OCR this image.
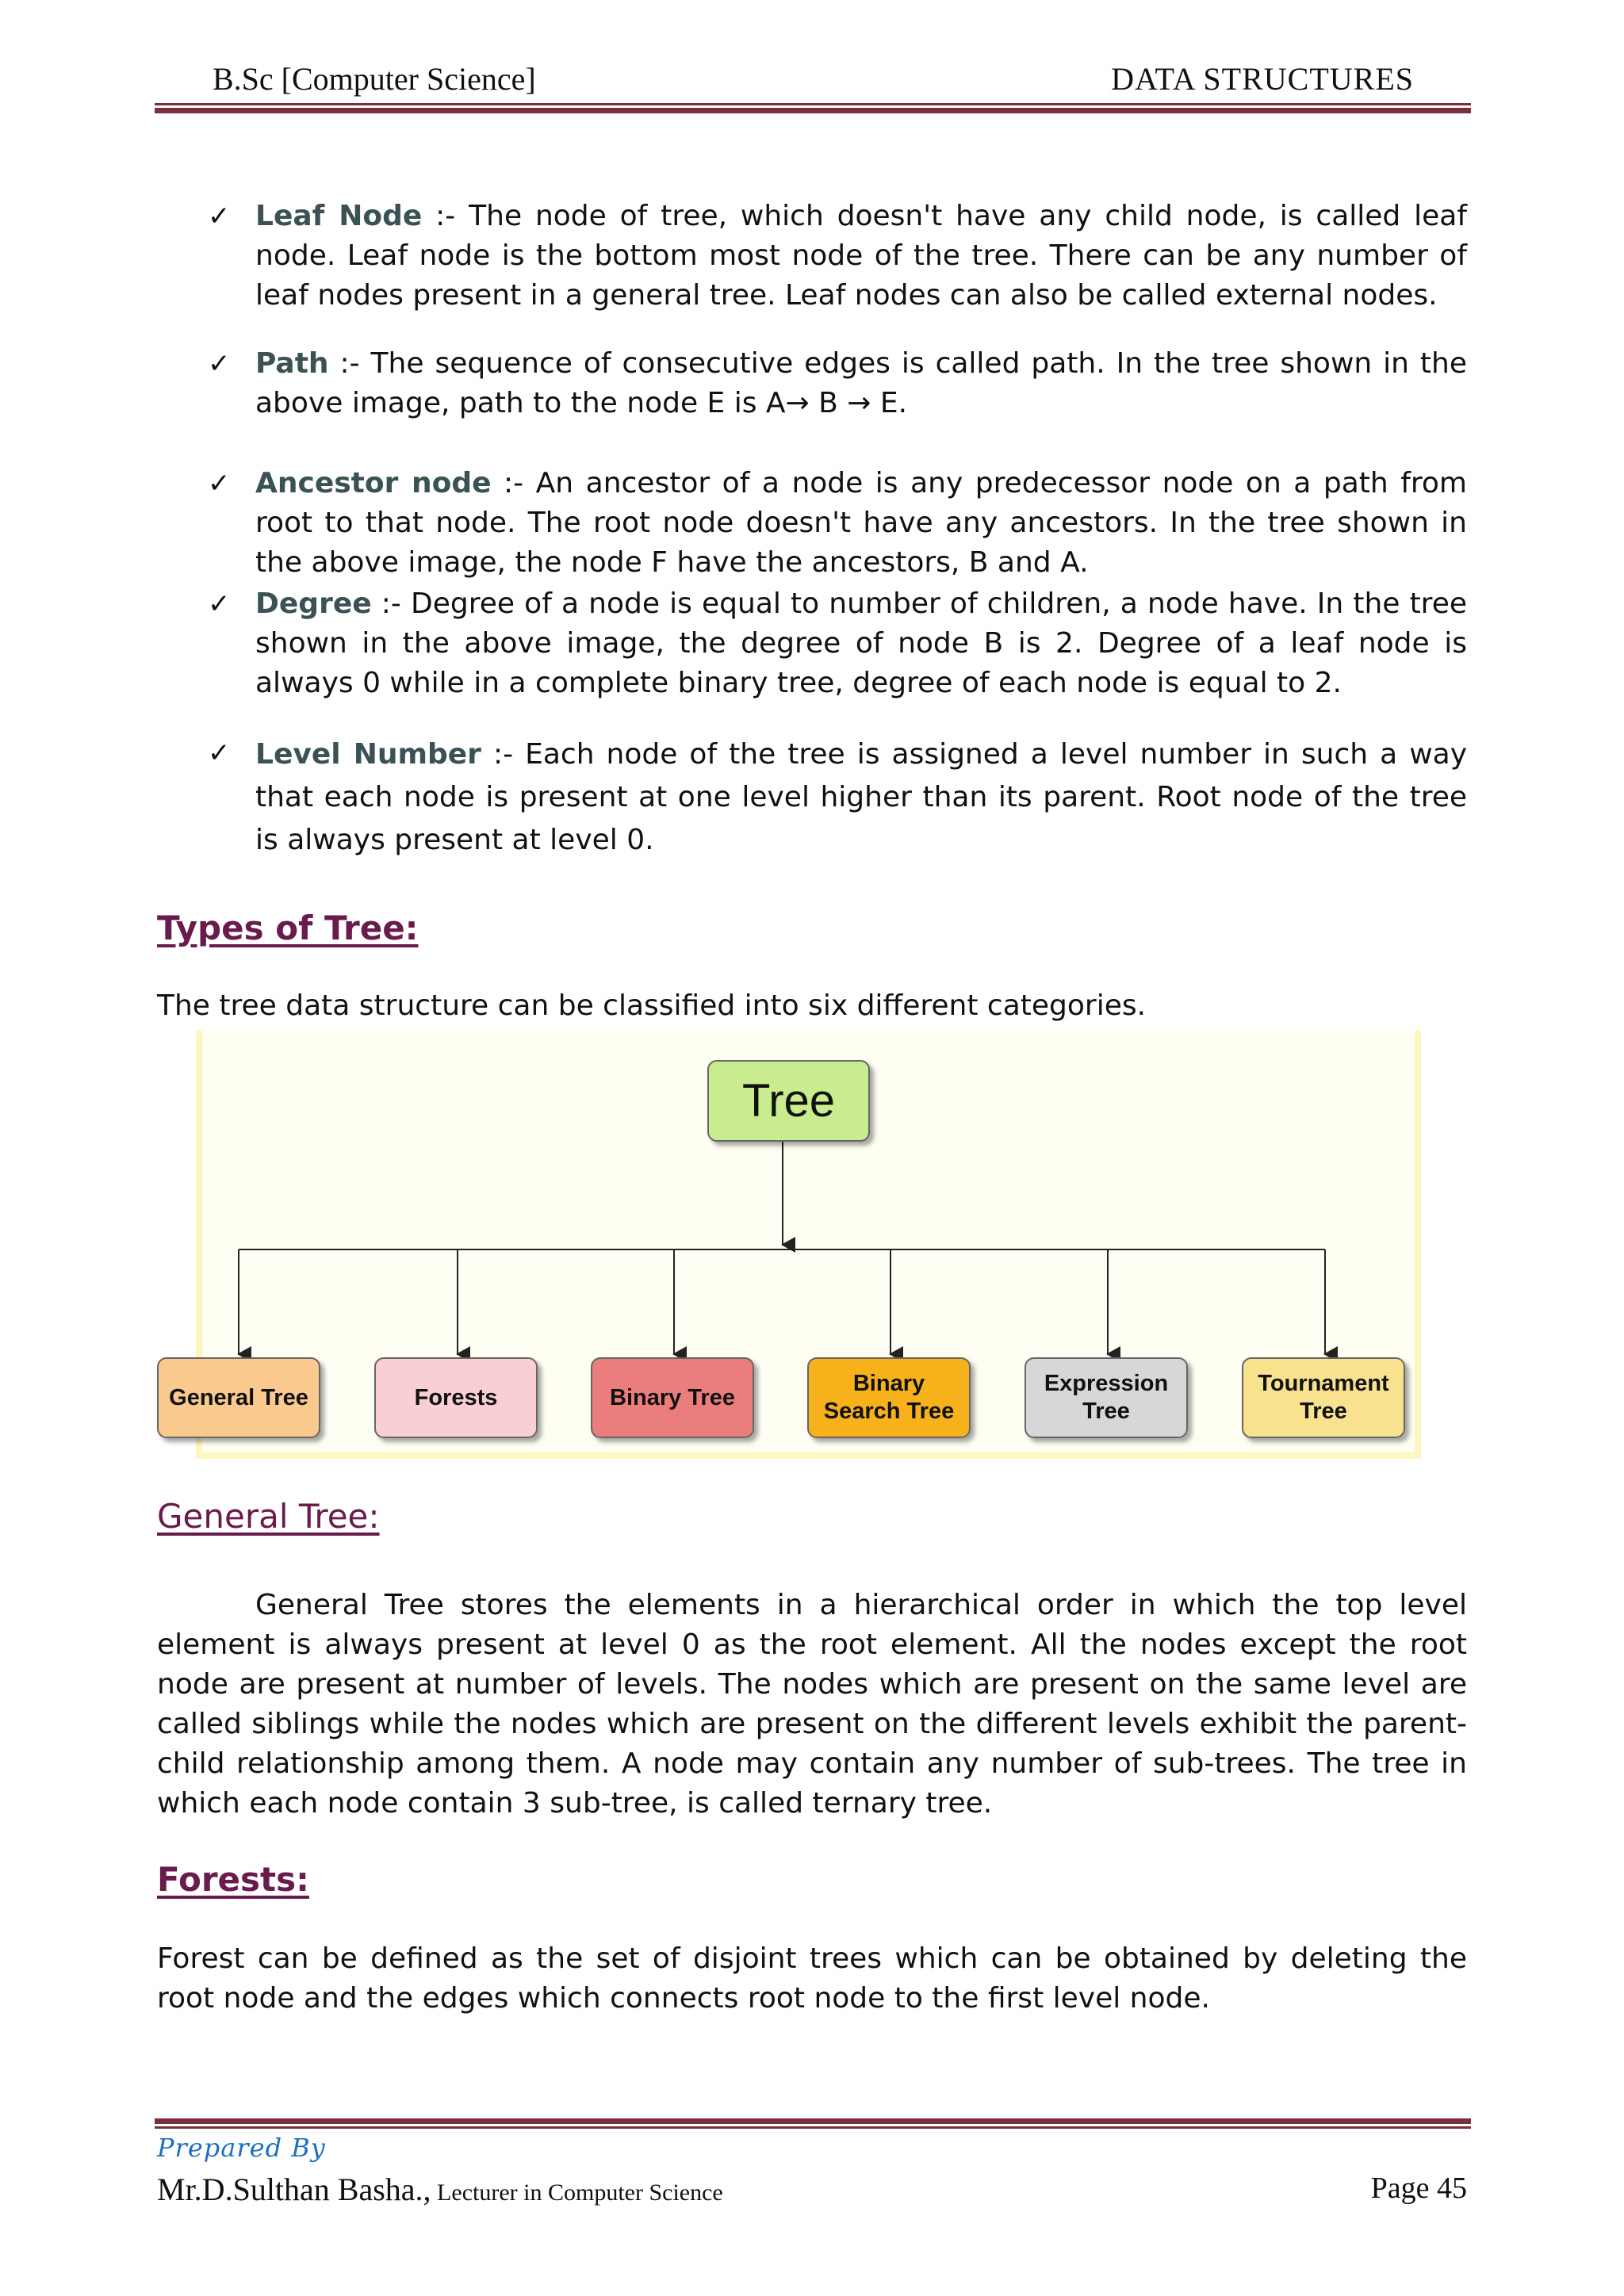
B.Sc [Computer Science]	DATA STRUCTURES
✓ Leaf Node :- The node of tree, which doesn't have any child node, is called leaf node. Leaf node is the bottom most node of the tree. There can be any number of leaf nodes present in a general tree. Leaf nodes can also be called external nodes.
✓ Path :- The sequence of consecutive edges is called path. In the tree shown in the above image, path to the node E is A→ B → E.
✓ Ancestor node :- An ancestor of a node is any predecessor node on a path from root to that node. The root node doesn't have any ancestors. In the tree shown in the above image, the node F have the ancestors, B and A.
✓ Degree :- Degree of a node is equal to number of children, a node have. In the tree shown in the above image, the degree of node B is 2. Degree of a leaf node is always 0 while in a complete binary tree, degree of each node is equal to 2.
✓ Level Number :- Each node of the tree is assigned a level number in such a way that each node is present at one level higher than its parent. Root node of the tree is always present at level 0.
Types of Tree:
The tree data structure can be classified into six different categories.
Tree
General Tree	Forests	Binary Tree
Binary
Search Tree
Expression
Tree
Tournament
Tree
General Tree:
General Tree stores the elements in a hierarchical order in which the top level element is always present at level 0 as the root element. All the nodes except the root node are present at number of levels. The nodes which are present on the same level are called siblings while the nodes which are present on the different levels exhibit the parent-child relationship among them. A node may contain any number of sub-trees. The tree in which each node contain 3 sub-tree, is called ternary tree.
Forests:
Forest can be defined as the set of disjoint trees which can be obtained by deleting the root node and the edges which connects root node to the first level node.
Prepared By
Mr.D.Sulthan Basha., Lecturer in Computer Science	Page 45
